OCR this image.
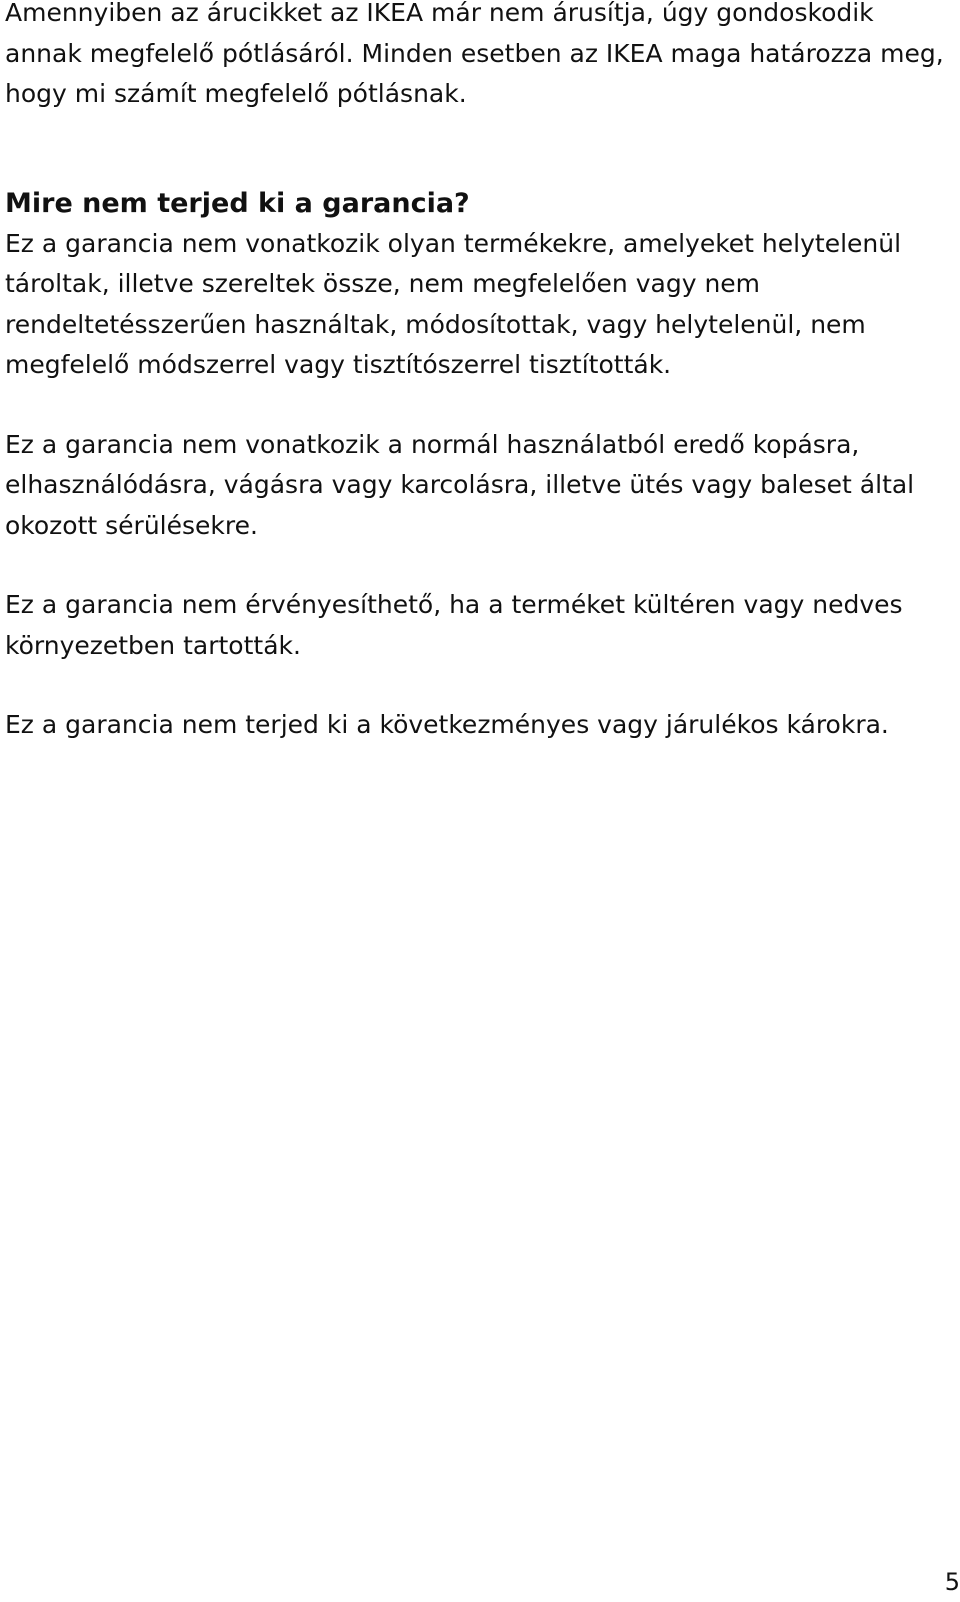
Amennyiben az árucikket az IKEA már nem árusítja, úgy gondoskodik annak megfelelő pótlásáról. Minden esetben az IKEA maga határozza meg, hogy mi számít megfelelő pótlásnak.

Mire nem terjed ki a garancia?

Ez a garancia nem vonatkozik olyan termékekre, amelyeket helytelenül tároltak, illetve szereltek össze, nem megfelelően vagy nem rendeltetésszerűen használtak, módosítottak, vagy helytelenül, nem megfelelő módszerrel vagy tisztítószerrel tisztították.

Ez a garancia nem vonatkozik a normál használatból eredő kopásra, elhasználódásra, vágásra vagy karcolásra, illetve ütés vagy baleset által okozott sérülésekre.

Ez a garancia nem érvényesíthető, ha a terméket kültéren vagy nedves környezetben tartották.

Ez a garancia nem terjed ki a következményes vagy járulékos károkra.

5
